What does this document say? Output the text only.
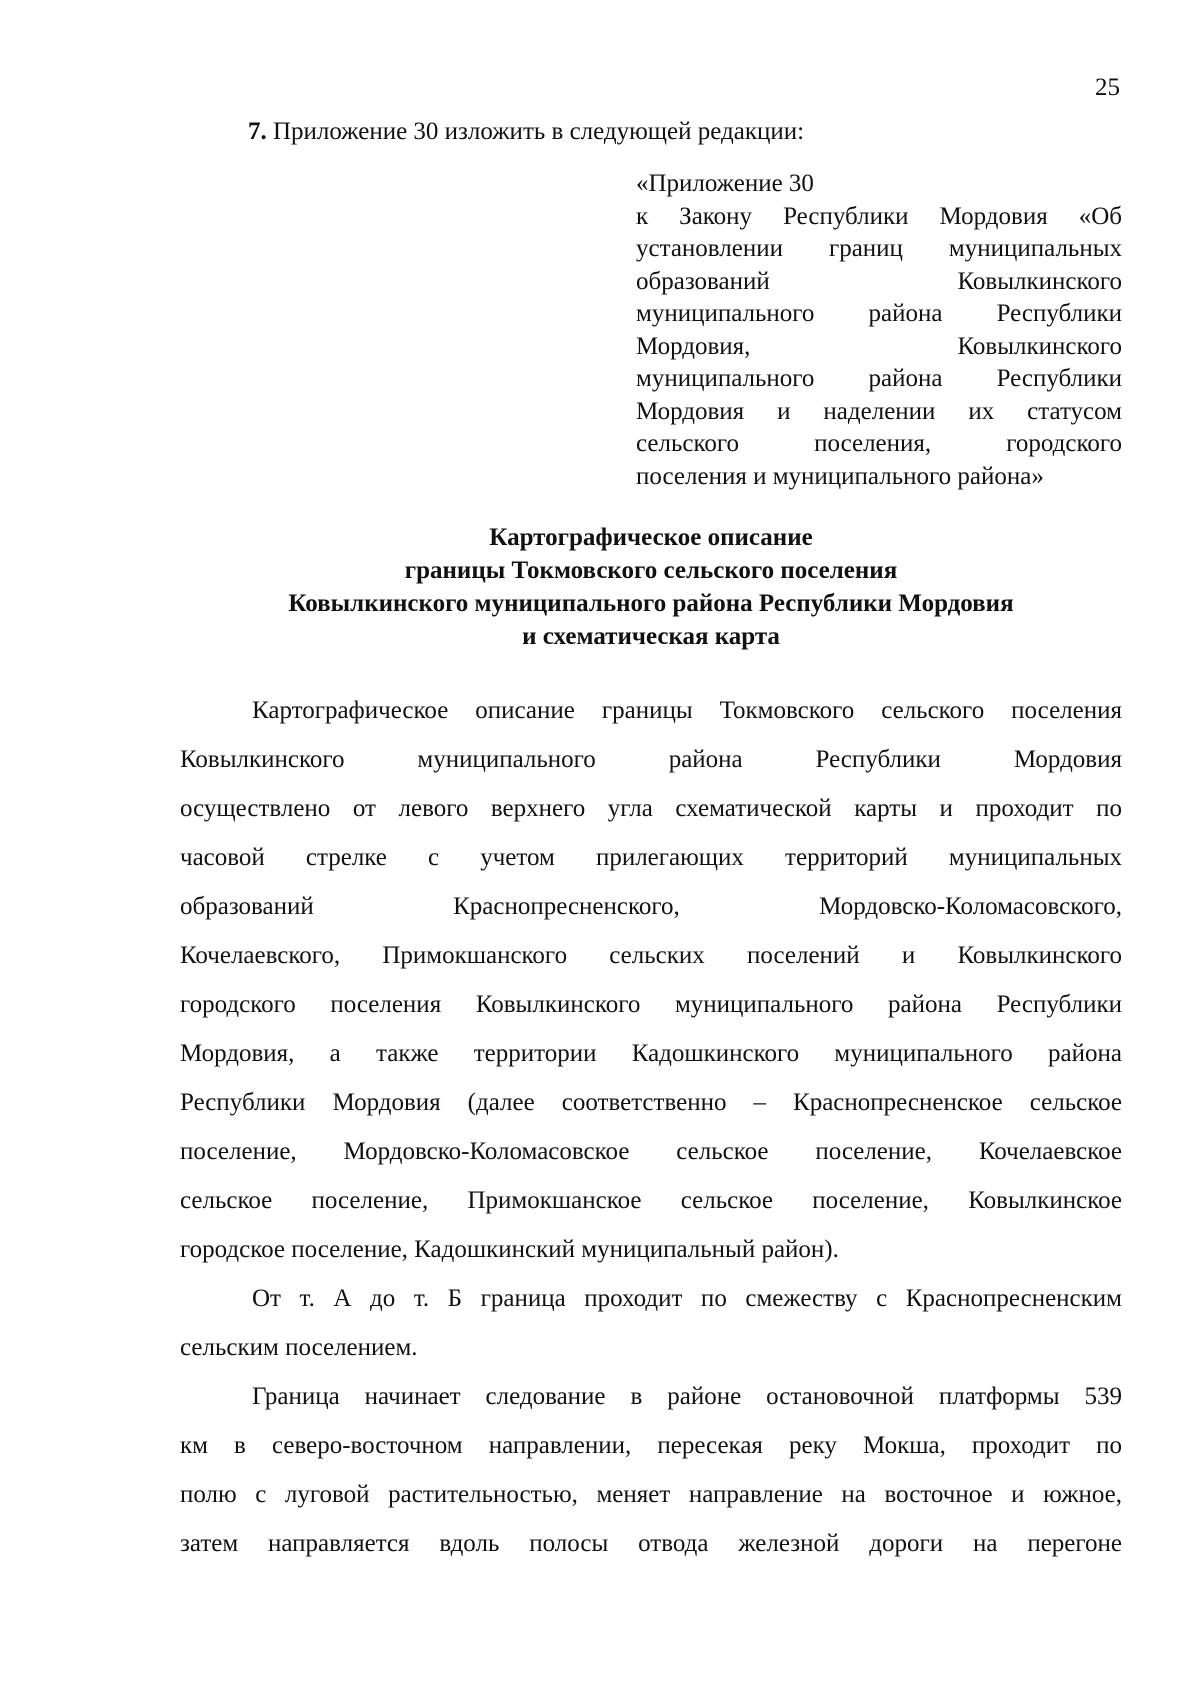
25
7. Приложение 30 изложить в следующей редакции:
«Приложение 30
к Закону Республики Мордовия «Об
установлении границ муниципальных
образований Ковылкинского
муниципального района Республики
Мордовия, Ковылкинского
муниципального района Республики
Мордовия и наделении их статусом
сельского поселения, городского
поселения и муниципального района»
Картографическое описание
границы Токмовского сельского поселения
Ковылкинского муниципального района Республики Мордовия
и схематическая карта
Картографическое описание границы Токмовского сельского поселения
Ковылкинского муниципального района Республики Мордовия
осуществлено от левого верхнего угла схематической карты и проходит по
часовой стрелке с учетом прилегающих территорий муниципальных
образований Краснопресненского, Мордовско-Коломасовского,
Кочелаевского, Примокшанского сельских поселений и Ковылкинского
городского поселения Ковылкинского муниципального района Республики
Мордовия, а также территории Кадошкинского муниципального района
Республики Мордовия (далее соответственно – Краснопресненское сельское
поселение, Мордовско-Коломасовское сельское поселение, Кочелаевское
сельское поселение, Примокшанское сельское поселение, Ковылкинское
городское поселение, Кадошкинский муниципальный район).
От т. А до т. Б граница проходит по смежеству с Краснопресненским
сельским поселением.
Граница начинает следование в районе остановочной платформы 539
км в северо-восточном направлении, пересекая реку Мокша, проходит по
полю с луговой растительностью, меняет направление на восточное и южное,
затем направляется вдоль полосы отвода железной дороги на перегоне
